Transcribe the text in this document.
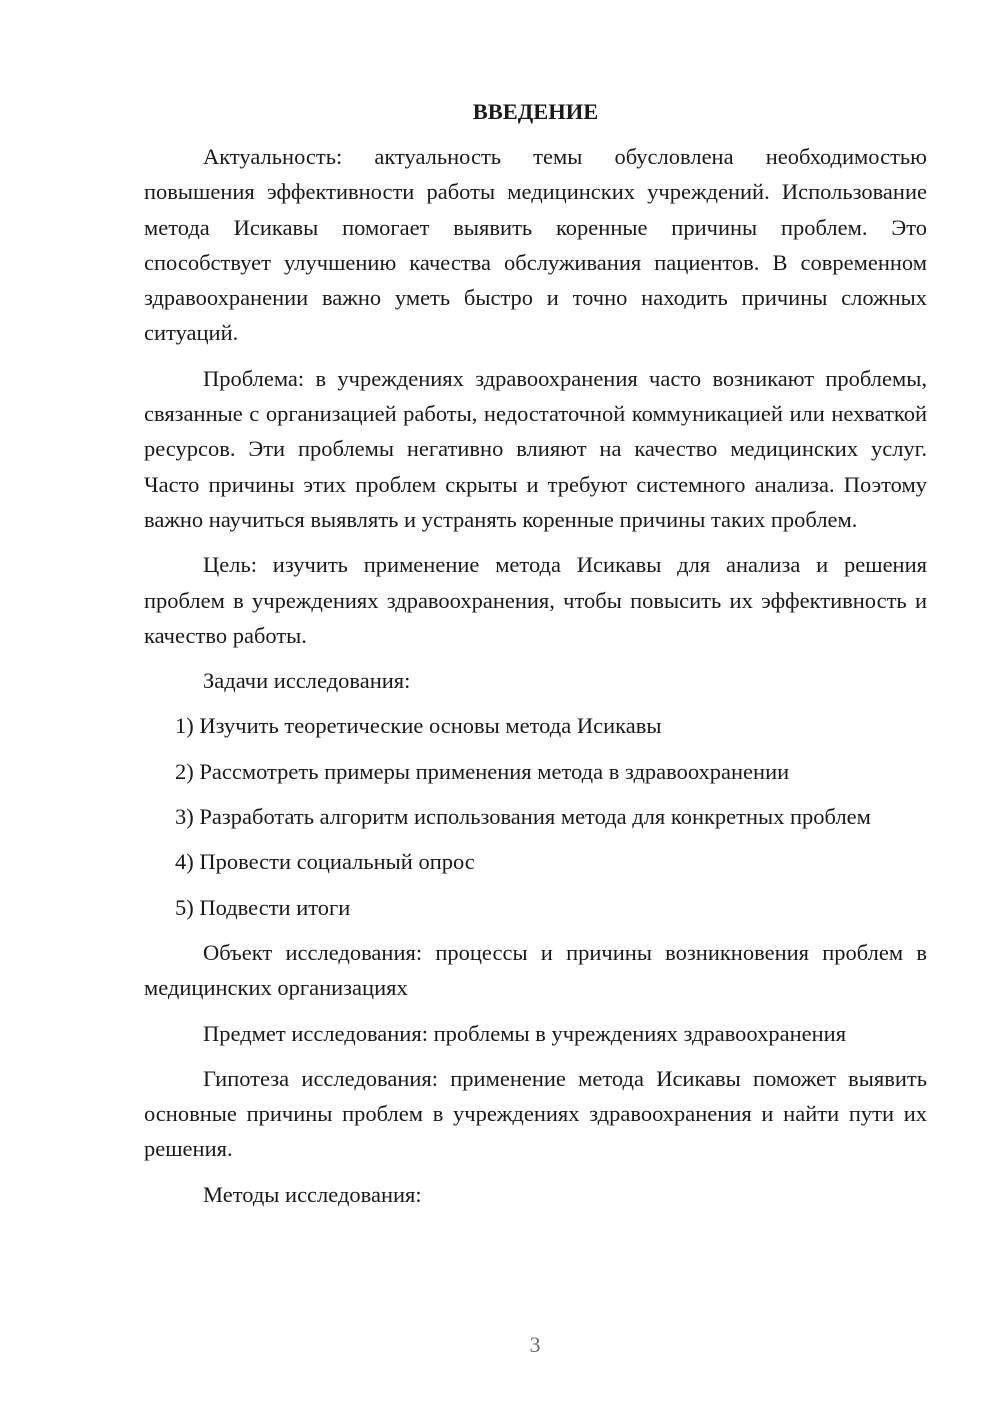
ВВЕДЕНИЕ

Актуальность: актуальность темы обусловлена необходимостью повышения эффективности работы медицинских учреждений. Использование метода Исикавы помогает выявить коренные причины проблем. Это способствует улучшению качества обслуживания пациентов. В современном здравоохранении важно уметь быстро и точно находить причины сложных ситуаций.

Проблема: в учреждениях здравоохранения часто возникают проблемы, связанные с организацией работы, недостаточной коммуникацией или нехваткой ресурсов. Эти проблемы негативно влияют на качество медицинских услуг. Часто причины этих проблем скрыты и требуют системного анализа. Поэтому важно научиться выявлять и устранять коренные причины таких проблем.

Цель: изучить применение метода Исикавы для анализа и решения проблем в учреждениях здравоохранения, чтобы повысить их эффективность и качество работы.

Задачи исследования:

1) Изучить теоретические основы метода Исикавы

2) Рассмотреть примеры применения метода в здравоохранении

3) Разработать алгоритм использования метода для конкретных проблем

4) Провести социальный опрос

5) Подвести итоги

Объект исследования: процессы и причины возникновения проблем в медицинских организациях

Предмет исследования: проблемы в учреждениях здравоохранения

Гипотеза исследования: применение метода Исикавы поможет выявить основные причины проблем в учреждениях здравоохранения и найти пути их решения.

Методы исследования:

3
